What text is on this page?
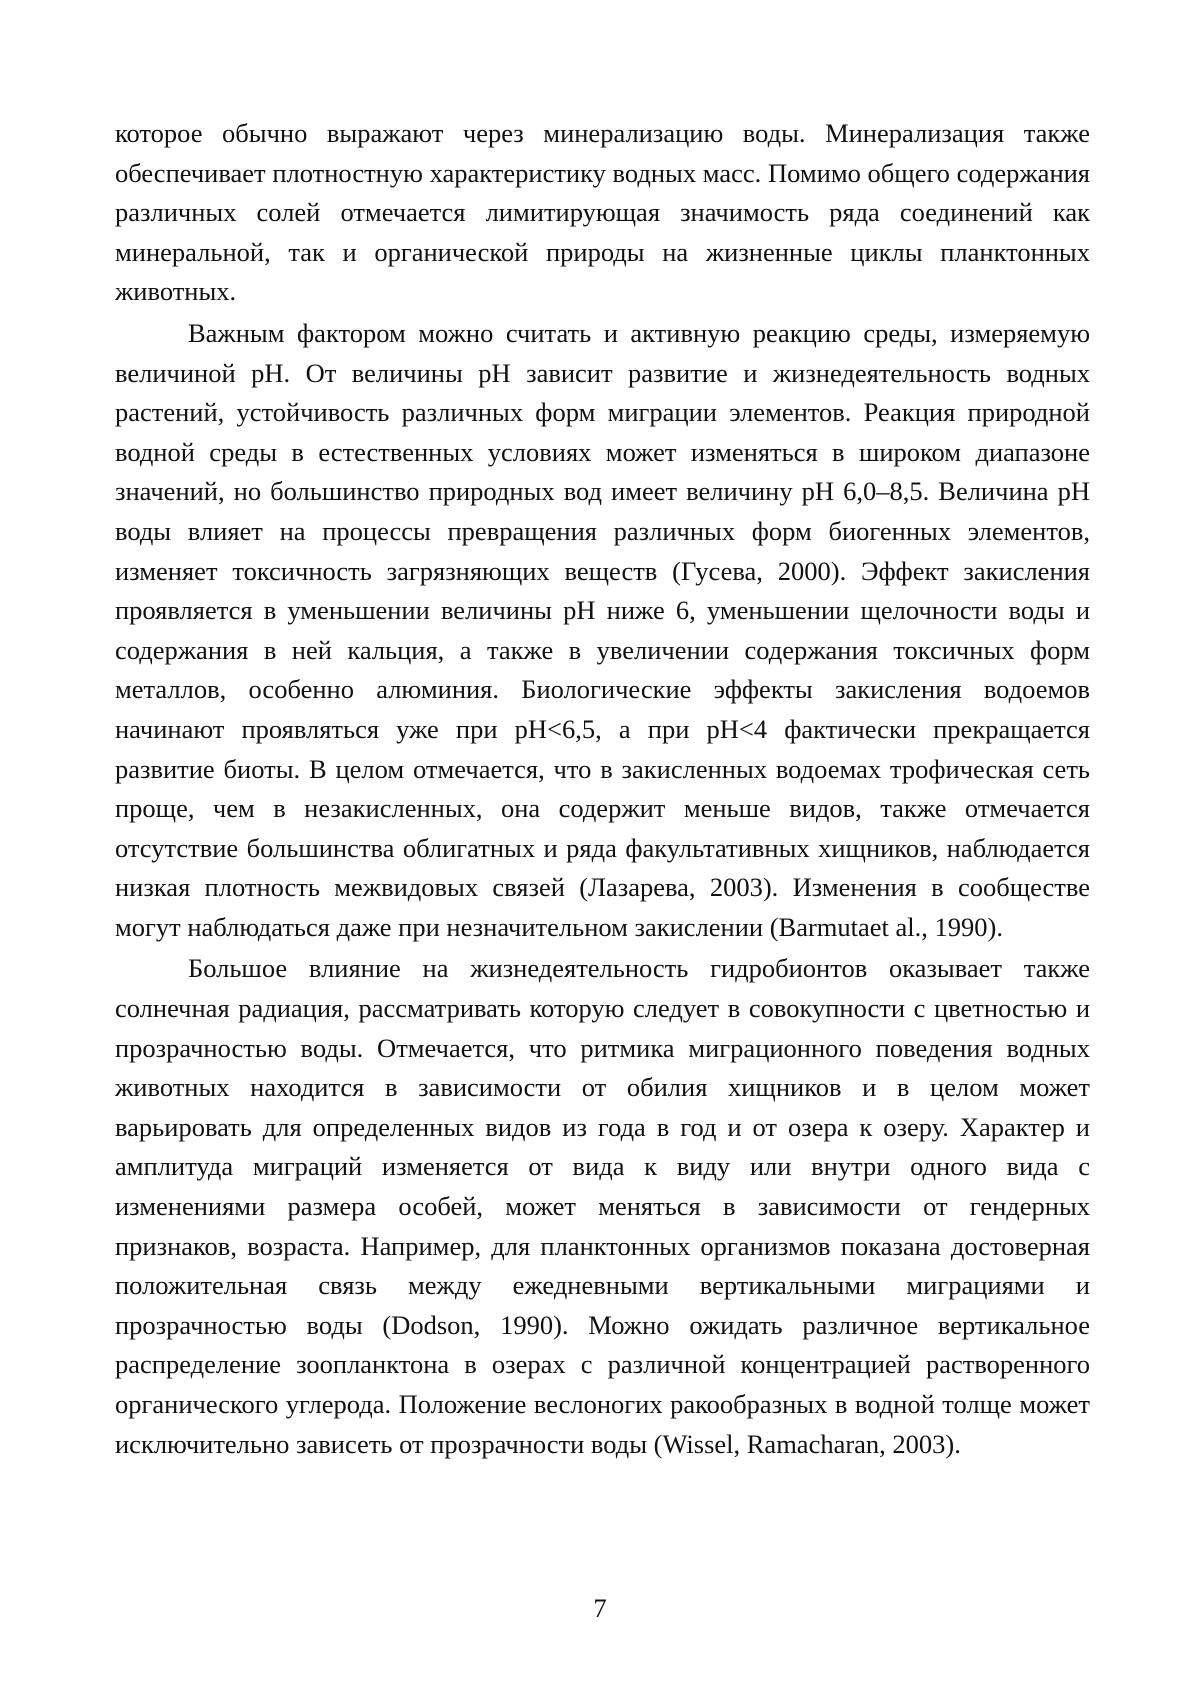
которое обычно выражают через минерализацию воды. Минерализация также обеспечивает плотностную характеристику водных масс. Помимо общего содержания различных солей отмечается лимитирующая значимость ряда соединений как минеральной, так и органической природы на жизненные циклы планктонных животных.

Важным фактором можно считать и активную реакцию среды, измеряемую величиной pH. От величины pH зависит развитие и жизнедеятельность водных растений, устойчивость различных форм миграции элементов. Реакция природной водной среды в естественных условиях может изменяться в широком диапазоне значений, но большинство природных вод имеет величину pH 6,0–8,5. Величина pH воды влияет на процессы превращения различных форм биогенных элементов, изменяет токсичность загрязняющих веществ (Гусева, 2000). Эффект закисления проявляется в уменьшении величины pH ниже 6, уменьшении щелочности воды и содержания в ней кальция, а также в увеличении содержания токсичных форм металлов, особенно алюминия. Биологические эффекты закисления водоемов начинают проявляться уже при pH<6,5, а при pH<4 фактически прекращается развитие биоты. В целом отмечается, что в закисленных водоемах трофическая сеть проще, чем в незакисленных, она содержит меньше видов, также отмечается отсутствие большинства облигатных и ряда факультативных хищников, наблюдается низкая плотность межвидовых связей (Лазарева, 2003). Изменения в сообществе могут наблюдаться даже при незначительном закислении (Barmutaet al., 1990).

Большое влияние на жизнедеятельность гидробионтов оказывает также солнечная радиация, рассматривать которую следует в совокупности с цветностью и прозрачностью воды. Отмечается, что ритмика миграционного поведения водных животных находится в зависимости от обилия хищников и в целом может варьировать для определенных видов из года в год и от озера к озеру. Характер и амплитуда миграций изменяется от вида к виду или внутри одного вида с изменениями размера особей, может меняться в зависимости от гендерных признаков, возраста. Например, для планктонных организмов показана достоверная положительная связь между ежедневными вертикальными миграциями и прозрачностью воды (Dodson, 1990). Можно ожидать различное вертикальное распределение зоопланктона в озерах с различной концентрацией растворенного органического углерода. Положение веслоногих ракообразных в водной толще может исключительно зависеть от прозрачности воды (Wissel, Ramacharan, 2003).

7
